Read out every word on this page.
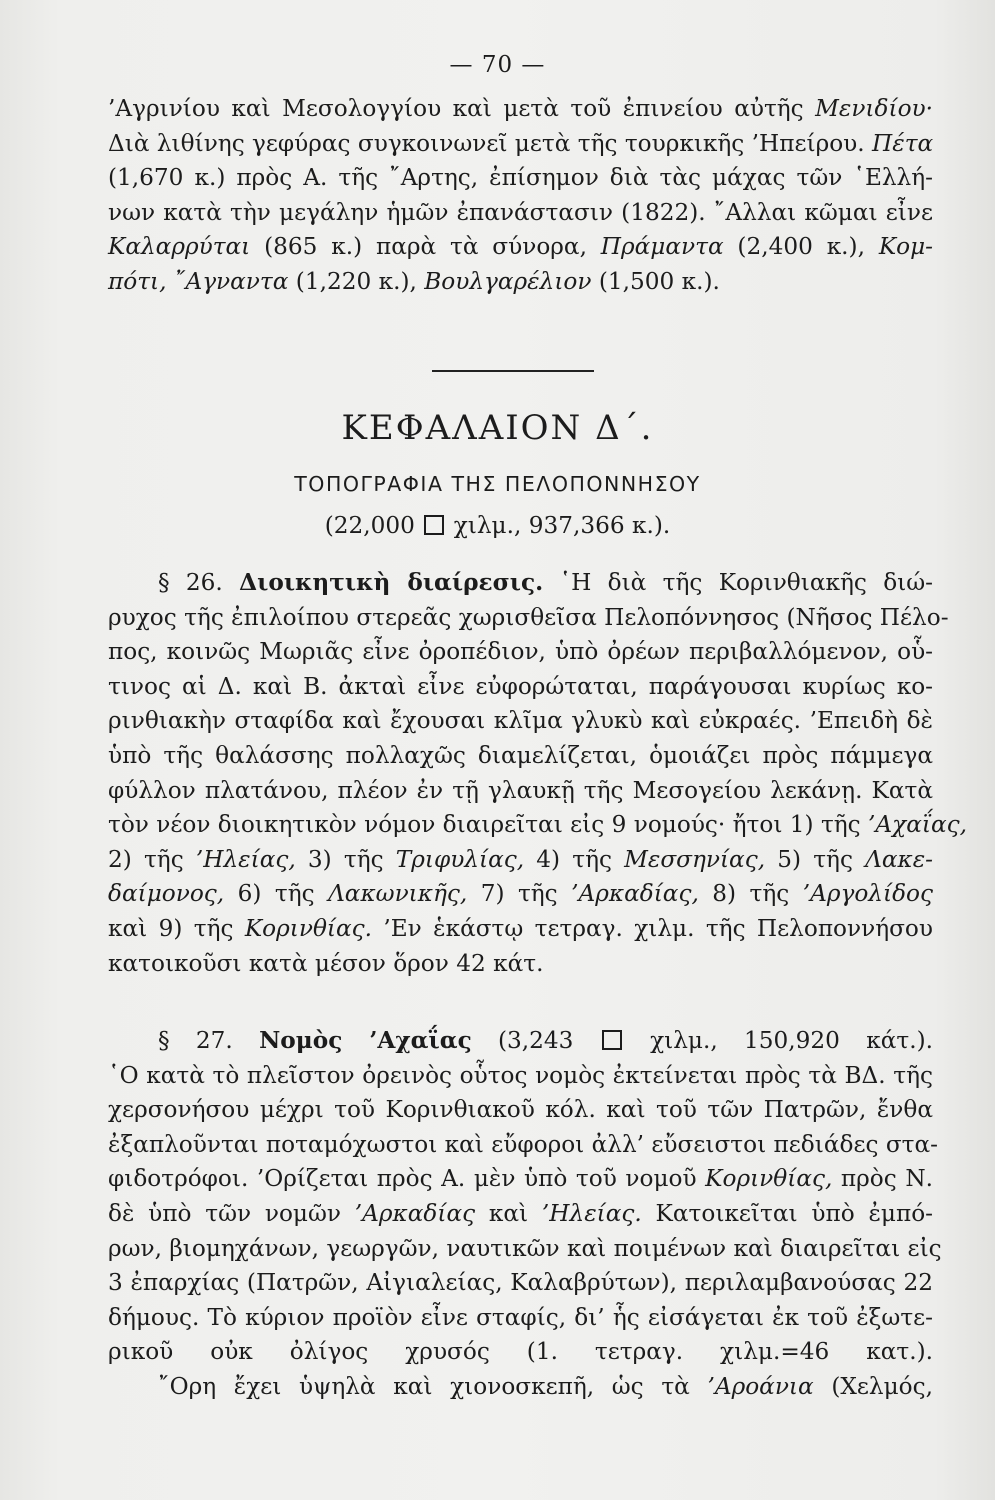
— 70 —
’Αγρινίου καὶ Μεσολογγίου καὶ μετὰ τοῦ ἐπινείου αὐτῆς Μενιδίου·
Διὰ λιθίνης γεφύρας συγκοινωνεῖ μετὰ τῆς τουρκικῆς ’Ηπείρου. Πέτα
(1,670 κ.) πρὸς Α. τῆς ῎Αρτης, ἐπίσημον διὰ τὰς μάχας τῶν ῾Ελλή-
νων κατὰ τὴν μεγάλην ἡμῶν ἐπανάστασιν (1822). ῎Αλλαι κῶμαι εἶνε
Καλαρρύται (865 κ.) παρὰ τὰ σύνορα, Πράμαντα (2,400 κ.), Κομ-
πότι, ῎Αγναντα (1,220 κ.), Βουλγαρέλιον (1,500 κ.).
ΚΕΦΑΛΑΙΟΝ Δ΄.
ΤΟΠΟΓΡΑΦΙΑ ΤΗΣ ΠΕΛΟΠΟΝΝΗΣΟΥ
(22,000 χιλμ., 937,366 κ.).
§ 26. Διοικητικὴ διαίρεσις. ῾Η διὰ τῆς Κορινθιακῆς διώ-
ρυχος τῆς ἐπιλοίπου στερεᾶς χωρισθεῖσα Πελοπόννησος (Νῆσος Πέλο-
πος, κοινῶς Μωριᾶς εἶνε ὀροπέδιον, ὑπὸ ὀρέων περιβαλλόμενον, οὗ-
τινος αἱ Δ. καὶ Β. ἀκταὶ εἶνε εὐφορώταται, παράγουσαι κυρίως κο-
ρινθιακὴν σταφίδα καὶ ἔχουσαι κλῖμα γλυκὺ καὶ εὐκραές. ’Επειδὴ δὲ
ὑπὸ τῆς θαλάσσης πολλαχῶς διαμελίζεται, ὁμοιάζει πρὸς πάμμεγα
φύλλον πλατάνου, πλέον ἐν τῇ γλαυκῇ τῆς Μεσογείου λεκάνῃ. Κατὰ
τὸν νέον διοικητικὸν νόμον διαιρεῖται εἰς 9 νομούς· ἤτοι 1) τῆς ’Αχαΐας,
2) τῆς ’Ηλείας, 3) τῆς Τριφυλίας, 4) τῆς Μεσσηνίας, 5) τῆς Λακε-
δαίμονος, 6) τῆς Λακωνικῆς, 7) τῆς ’Αρκαδίας, 8) τῆς ’Αργολίδος
καὶ 9) τῆς Κορινθίας. ’Εν ἑκάστῳ τετραγ. χιλμ. τῆς Πελοποννήσου
κατοικοῦσι κατὰ μέσον ὅρον 42 κάτ.
§ 27. Νομὸς ’Αχαΐας (3,243  χιλμ., 150,920 κάτ.).
῾Ο κατὰ τὸ πλεῖστον ὀρεινὸς οὗτος νομὸς ἐκτείνεται πρὸς τὰ ΒΔ. τῆς
χερσονήσου μέχρι τοῦ Κορινθιακοῦ κόλ. καὶ τοῦ τῶν Πατρῶν, ἔνθα
ἐξαπλοῦνται ποταμόχωστοι καὶ εὔφοροι ἀλλ’ εὔσειστοι πεδιάδες στα-
φιδοτρόφοι. ’Ορίζεται πρὸς Α. μὲν ὑπὸ τοῦ νομοῦ Κορινθίας, πρὸς Ν.
δὲ ὑπὸ τῶν νομῶν ’Αρκαδίας καὶ ’Ηλείας. Κατοικεῖται ὑπὸ ἐμπό-
ρων, βιομηχάνων, γεωργῶν, ναυτικῶν καὶ ποιμένων καὶ διαιρεῖται εἰς
3 ἐπαρχίας (Πατρῶν, Αἰγιαλείας, Καλαβρύτων), περιλαμβανούσας 22
δήμους. Τὸ κύριον προϊὸν εἶνε σταφίς, δι’ ἧς εἰσάγεται ἐκ τοῦ ἐξωτε-
ρικοῦ οὐκ ὀλίγος χρυσός (1. τετραγ. χιλμ.=46 κατ.).
῎Ορη ἔχει ὑψηλὰ καὶ χιονοσκεπῆ, ὡς τὰ ’Αροάνια (Χελμός,
